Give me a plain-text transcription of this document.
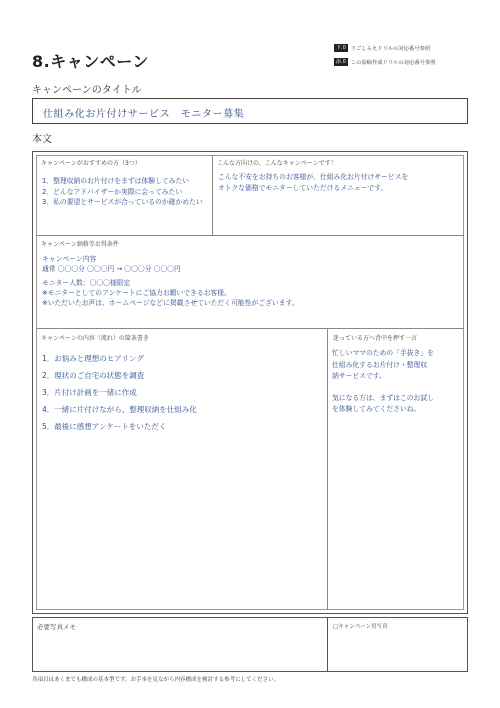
8.キャンペーン
下.0 下ごしらえドリルの対応番号参照
添.0 この原稿作成ドリルの対応番号参照
キャンペーンのタイトル
仕組み化お片付けサービス　モニター募集
本文
キャンペーンがおすすめの方（3つ）
1．整理収納のお片付けをまずは体験してみたい
2．どんなアドバイザーか実際に会ってみたい
3．私の要望とサービスが合っているのか確かめたい
こんな方向けの、こんなキャンペーンです！
こんな不安をお持ちのお客様が、仕組み化お片付けサービスを
オトクな価格でモニターしていただけるメニューです。
キャンペーン価格等お得条件
キャンペーン内容
通常 〇〇〇分 〇〇〇円 → 〇〇〇分 〇〇〇円
モニター人数：〇〇〇様限定
※モニターとしてのアンケートにご協力お願いできるお客様。
※いただいたお声は、ホームページなどに掲載させていただく可能性がございます。
キャンペーンの内容（流れ）の箇条書き
1．お悩みと理想のヒアリング
2．現状のご自宅の状態を調査
3．片付け計画を一緒に作成
4．一緒に片付けながら、整理収納を仕組み化
5．最後に感想アンケートをいただく
迷っている方へ背中を押す一言
忙しいママのための「手抜き」を
仕組み化するお片付け・整理収
納サービスです。
気になる方は、まずはこのお試し
を体験してみてくださいね。
必要写真メモ	□キャンペーン用写真
各項目はあくまでも構成の基本型です。お手本を見ながら内容構成を検討する参考にしてください。
